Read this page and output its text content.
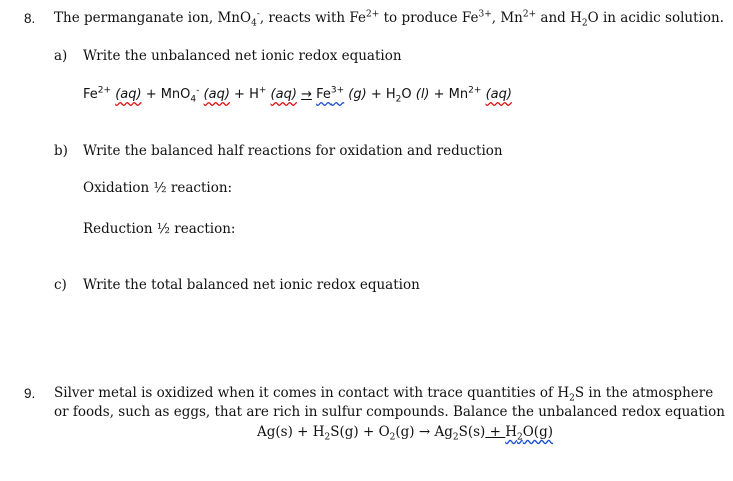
8. The permanganate ion, MnO$_4$-, reacts with $Fe^{2+}$ to produce $Fe^{3+}$, $Mn^{2+}$ and $H_2O$ in acidic solution.
a) Write the unbalanced net ionic redox equation
$Fe^{2+}$ (aq) + MnO$_4$- (aq) + H+ $(aq) \to Fe^{3+}$ $(g) + H_2O$ $(l) + Mn^{2+}$ (aq)
b) Write the balanced half reactions for oxidation and reduction
Oxidation ½ reaction:
Reduction ½ reaction:
c) Write the total balanced net ionic redox equation
9. Silver metal is oxidized when it comes in contact with trace quantities of $H_2S$ in the atmosphere
or foods, such as eggs, that are rich in sulfur compounds. Balance the unbalanced redox equation
$Ag(s) + H_2S(g) + O_2(g) \to Ag_2S(s) + H_2O(g)$
